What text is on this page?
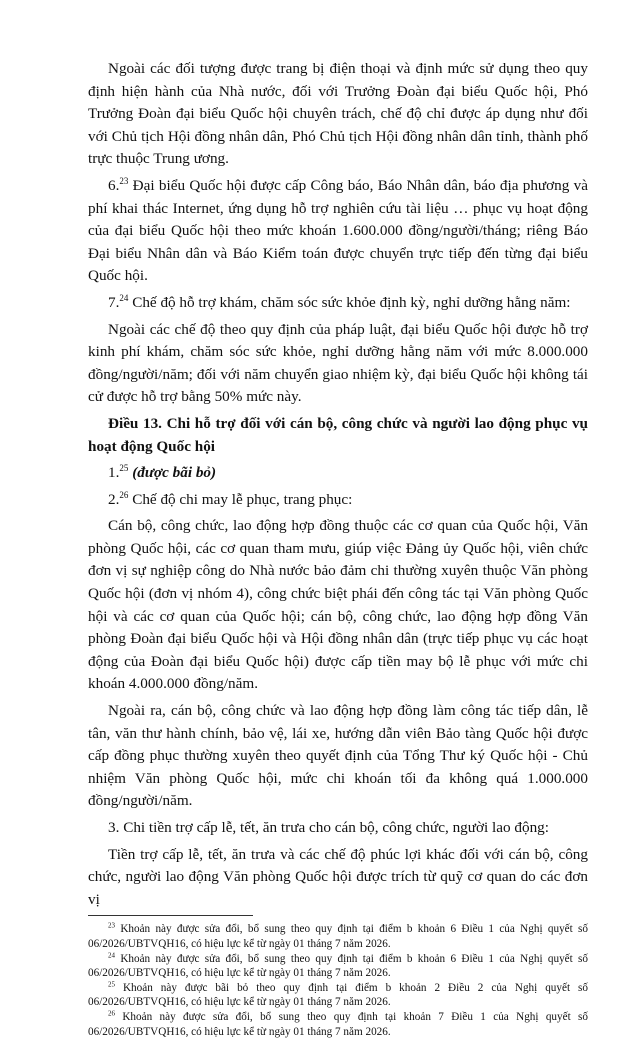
Ngoài các đối tượng được trang bị điện thoại và định mức sử dụng theo quy định hiện hành của Nhà nước, đối với Trưởng Đoàn đại biểu Quốc hội, Phó Trưởng Đoàn đại biểu Quốc hội chuyên trách, chế độ chỉ được áp dụng như đối với Chủ tịch Hội đồng nhân dân, Phó Chủ tịch Hội đồng nhân dân tỉnh, thành phố trực thuộc Trung ương.

6.23 Đại biểu Quốc hội được cấp Công báo, Báo Nhân dân, báo địa phương và phí khai thác Internet, ứng dụng hỗ trợ nghiên cứu tài liệu … phục vụ hoạt động của đại biểu Quốc hội theo mức khoán 1.600.000 đồng/người/tháng; riêng Báo Đại biểu Nhân dân và Báo Kiểm toán được chuyển trực tiếp đến từng đại biểu Quốc hội.

7.24 Chế độ hỗ trợ khám, chăm sóc sức khỏe định kỳ, nghỉ dưỡng hằng năm:

Ngoài các chế độ theo quy định của pháp luật, đại biểu Quốc hội được hỗ trợ kinh phí khám, chăm sóc sức khỏe, nghỉ dưỡng hằng năm với mức 8.000.000 đồng/người/năm; đối với năm chuyển giao nhiệm kỳ, đại biểu Quốc hội không tái cử được hỗ trợ bằng 50% mức này.

Điều 13. Chi hỗ trợ đối với cán bộ, công chức và người lao động phục vụ hoạt động Quốc hội

1.25 (được bãi bỏ)

2.26 Chế độ chi may lễ phục, trang phục:

Cán bộ, công chức, lao động hợp đồng thuộc các cơ quan của Quốc hội, Văn phòng Quốc hội, các cơ quan tham mưu, giúp việc Đảng ủy Quốc hội, viên chức đơn vị sự nghiệp công do Nhà nước bảo đảm chi thường xuyên thuộc Văn phòng Quốc hội (đơn vị nhóm 4), công chức biệt phái đến công tác tại Văn phòng Quốc hội và các cơ quan của Quốc hội; cán bộ, công chức, lao động hợp đồng Văn phòng Đoàn đại biểu Quốc hội và Hội đồng nhân dân (trực tiếp phục vụ các hoạt động của Đoàn đại biểu Quốc hội) được cấp tiền may bộ lễ phục với mức chi khoán 4.000.000 đồng/năm.

Ngoài ra, cán bộ, công chức và lao động hợp đồng làm công tác tiếp dân, lễ tân, văn thư hành chính, bảo vệ, lái xe, hướng dẫn viên Bảo tàng Quốc hội được cấp đồng phục thường xuyên theo quyết định của Tổng Thư ký Quốc hội - Chủ nhiệm Văn phòng Quốc hội, mức chi khoán tối đa không quá 1.000.000 đồng/người/năm.

3. Chi tiền trợ cấp lễ, tết, ăn trưa cho cán bộ, công chức, người lao động:

Tiền trợ cấp lễ, tết, ăn trưa và các chế độ phúc lợi khác đối với cán bộ, công chức, người lao động Văn phòng Quốc hội được trích từ quỹ cơ quan do các đơn vị

$^{23}$ Khoản này được sửa đổi, bổ sung theo quy định tại điểm b khoản 6 Điều 1 của Nghị quyết số 06/2026/UBTVQH16, có hiệu lực kể từ ngày 01 tháng 7 năm 2026.

$^{24}$ Khoản này được sửa đổi, bổ sung theo quy định tại điểm b khoản 6 Điều 1 của Nghị quyết số 06/2026/UBTVQH16, có hiệu lực kể từ ngày 01 tháng 7 năm 2026.

$^{25}$ Khoản này được bãi bỏ theo quy định tại điểm b khoản 2 Điều 2 của Nghị quyết số 06/2026/UBTVQH16, có hiệu lực kể từ ngày 01 tháng 7 năm 2026.

$^{26}$ Khoản này được sửa đổi, bổ sung theo quy định tại khoản 7 Điều 1 của Nghị quyết số 06/2026/UBTVQH16, có hiệu lực kể từ ngày 01 tháng 7 năm 2026.
